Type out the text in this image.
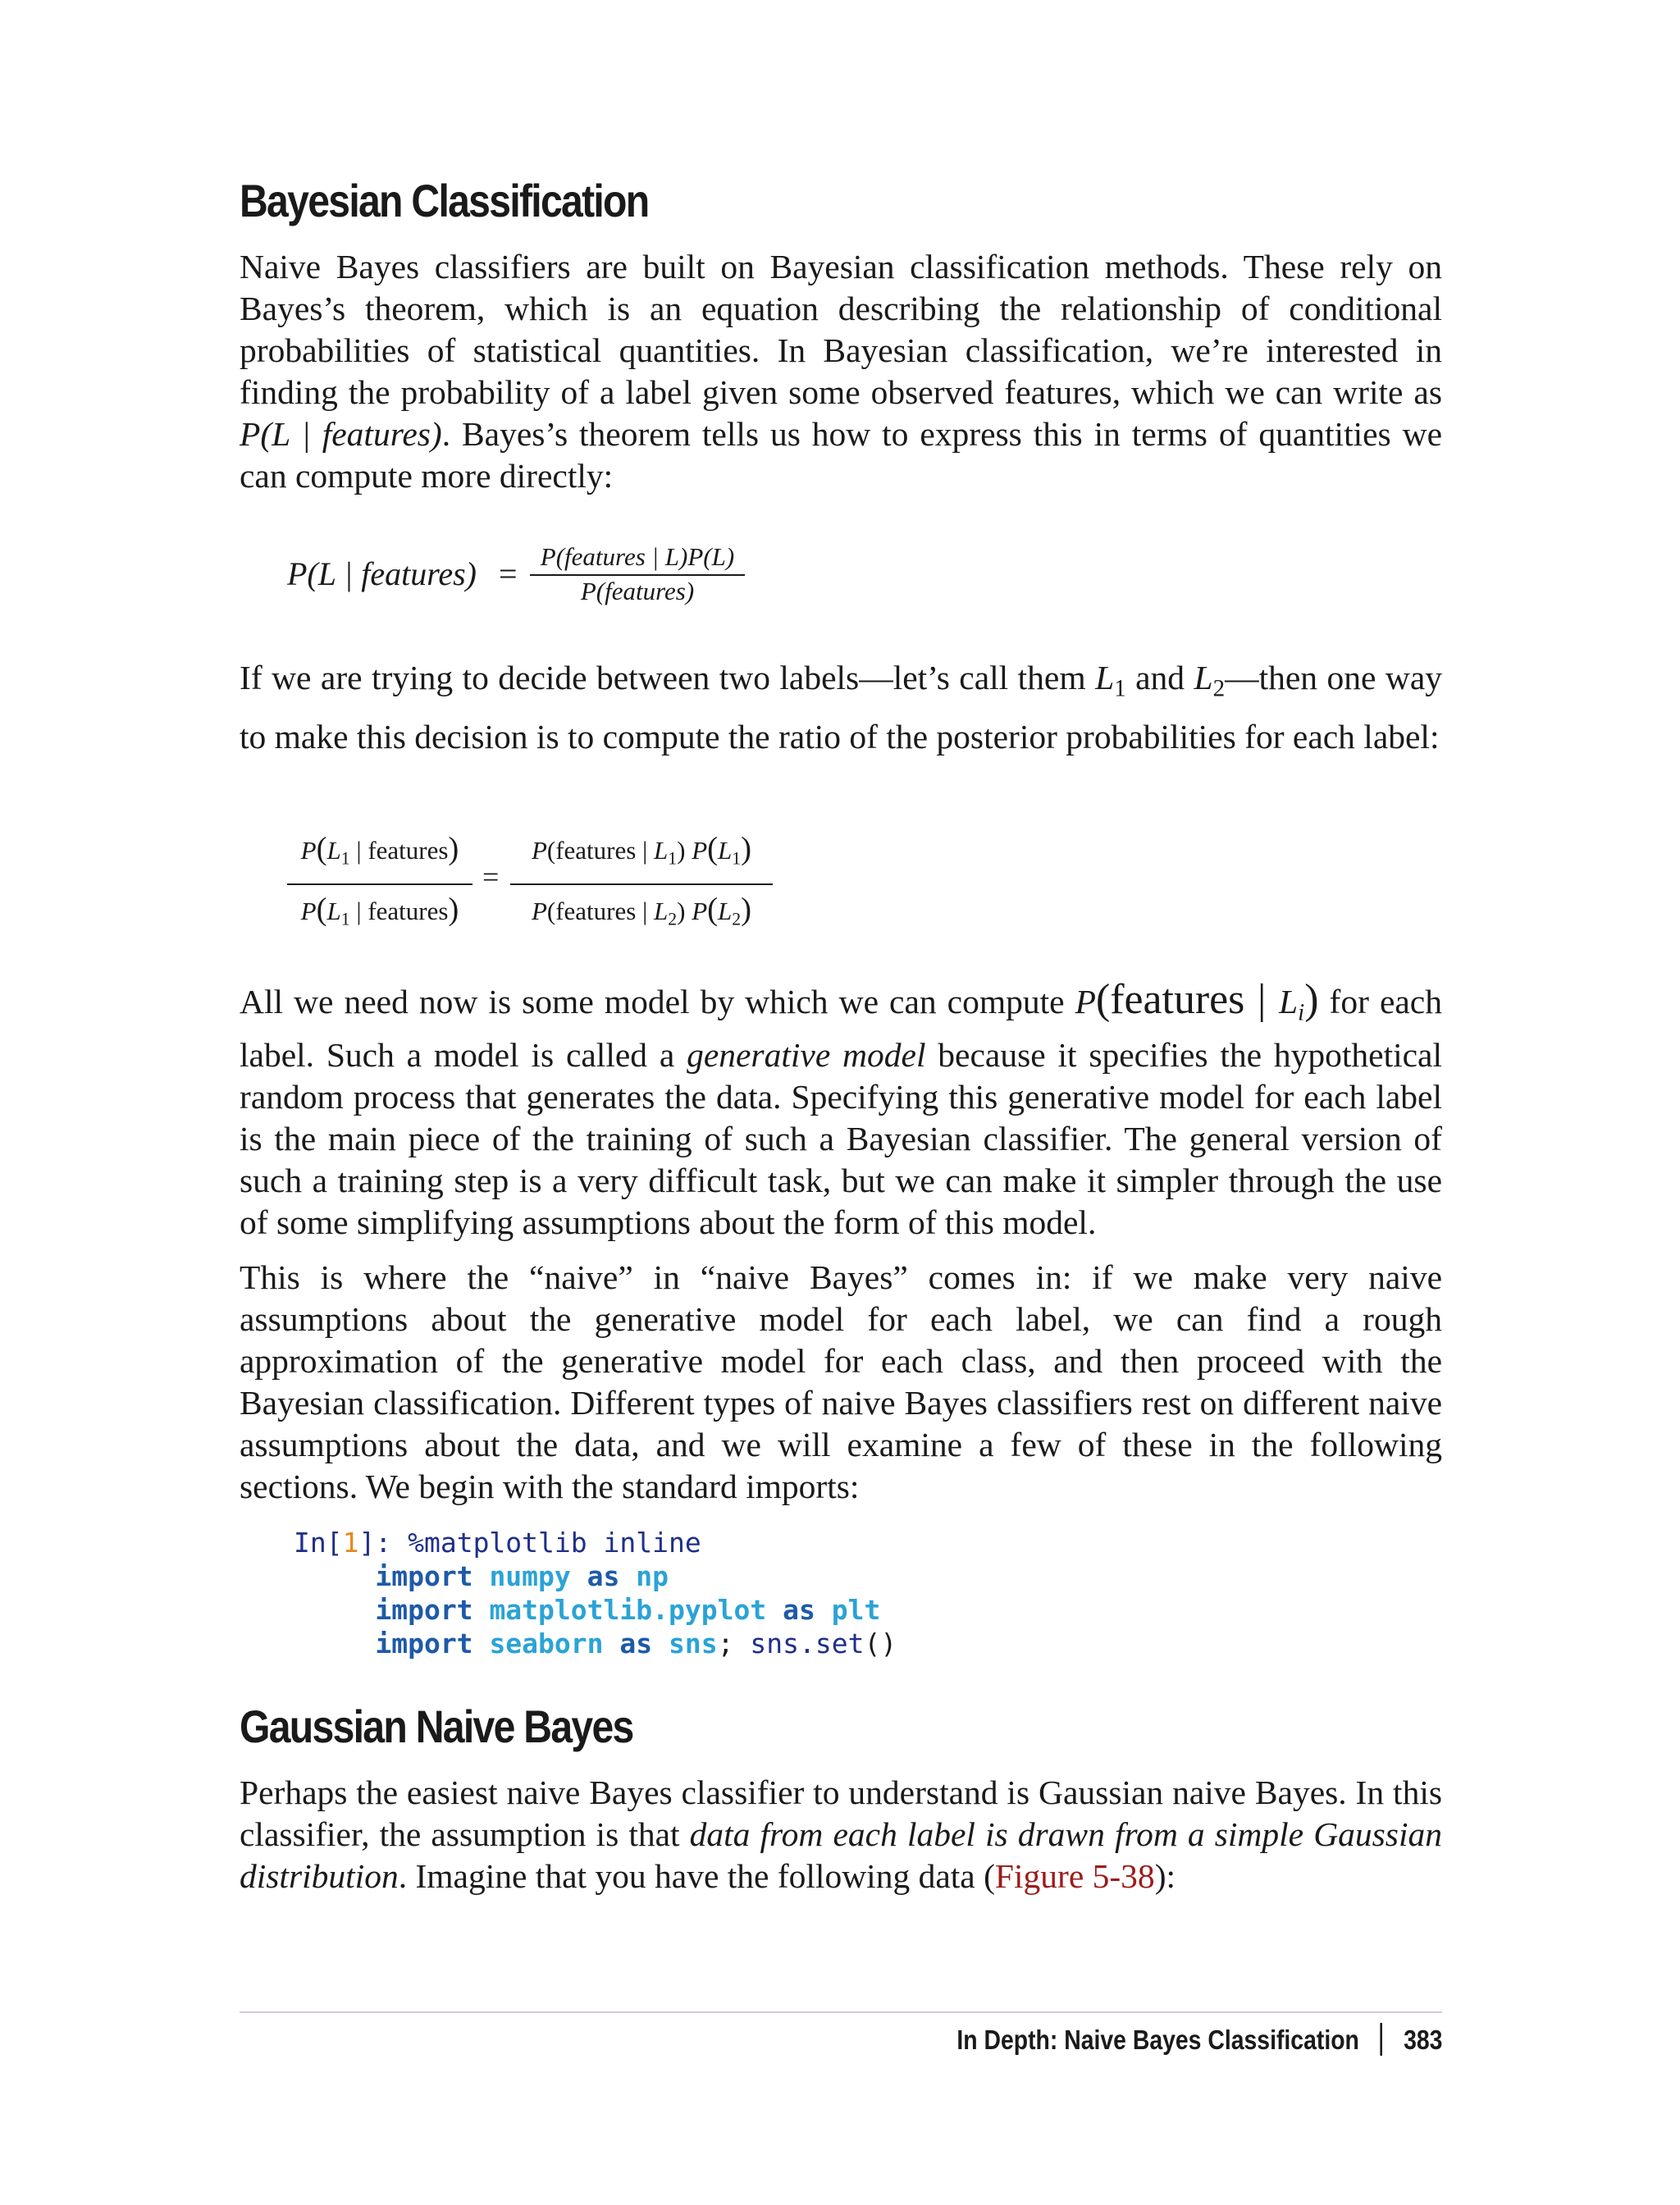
Bayesian Classification

Naive Bayes classifiers are built on Bayesian classification methods. These rely on Bayes’s theorem, which is an equation describing the relationship of conditional probabilities of statistical quantities. In Bayesian classification, we’re interested in finding the probability of a label given some observed features, which we can write as P(L | features). Bayes’s theorem tells us how to express this in terms of quantities we can compute more directly:

P(L | features) = P(features | L)P(L)
P(features)

If we are trying to decide between two labels—let’s call them $L_1$ and $L_2—then$ one way to make this decision is to compute the ratio of the posterior probabilities for each label:

$P(L_1$ | features)
$P(L_1$ | features)
=
P(features | $L_1$) $P(L_1)$
P(features | $L_2$) $P(L_2)$

All we need now is some model by which we can compute P(features | $L_i$) for each label. Such a model is called a generative model because it specifies the hypothetical random process that generates the data. Specifying this generative model for each label is the main piece of the training of such a Bayesian classifier. The general version of such a training step is a very difficult task, but we can make it simpler through the use of some simplifying assumptions about the form of this model.

This is where the “naive” in “naive Bayes” comes in: if we make very naive assumptions about the generative model for each label, we can find a rough approximation of the generative model for each class, and then proceed with the Bayesian classification. Different types of naive Bayes classifiers rest on different naive assumptions about the data, and we will examine a few of these in the following sections. We begin with the standard imports:

In[1]: %matplotlib inline
import numpy as np
import matplotlib.pyplot as plt
import seaborn as sns; sns.set()
Gaussian Naive Bayes

Perhaps the easiest naive Bayes classifier to understand is Gaussian naive Bayes. In this classifier, the assumption is that data from each label is drawn from a simple Gaussian distribution. Imagine that you have the following data (Figure 5-38):

In Depth: Naive Bayes Classification 383
